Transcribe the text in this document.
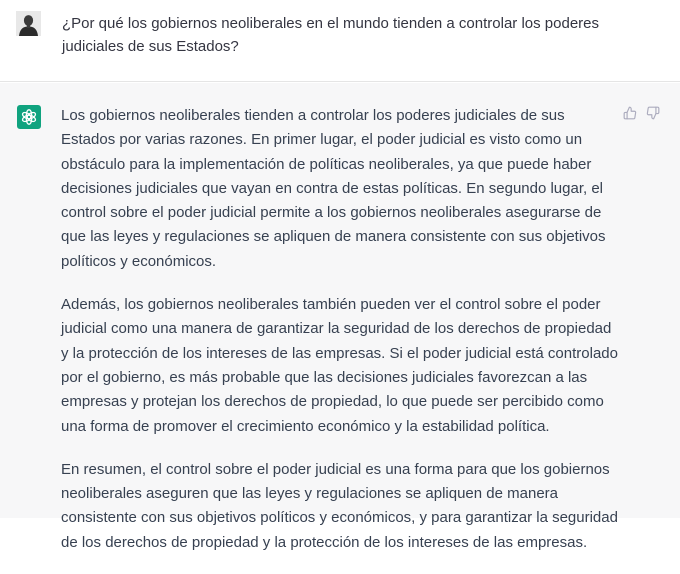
¿Por qué los gobiernos neoliberales en el mundo tienden a controlar los poderes judiciales de sus Estados?

Los gobiernos neoliberales tienden a controlar los poderes judiciales de sus Estados por varias razones. En primer lugar, el poder judicial es visto como un obstáculo para la implementación de políticas neoliberales, ya que puede haber decisiones judiciales que vayan en contra de estas políticas. En segundo lugar, el control sobre el poder judicial permite a los gobiernos neoliberales asegurarse de que las leyes y regulaciones se apliquen de manera consistente con sus objetivos políticos y económicos.

Además, los gobiernos neoliberales también pueden ver el control sobre el poder judicial como una manera de garantizar la seguridad de los derechos de propiedad y la protección de los intereses de las empresas. Si el poder judicial está controlado por el gobierno, es más probable que las decisiones judiciales favorezcan a las empresas y protejan los derechos de propiedad, lo que puede ser percibido como una forma de promover el crecimiento económico y la estabilidad política.

En resumen, el control sobre el poder judicial es una forma para que los gobiernos neoliberales aseguren que las leyes y regulaciones se apliquen de manera consistente con sus objetivos políticos y económicos, y para garantizar la seguridad de los derechos de propiedad y la protección de los intereses de las empresas.
